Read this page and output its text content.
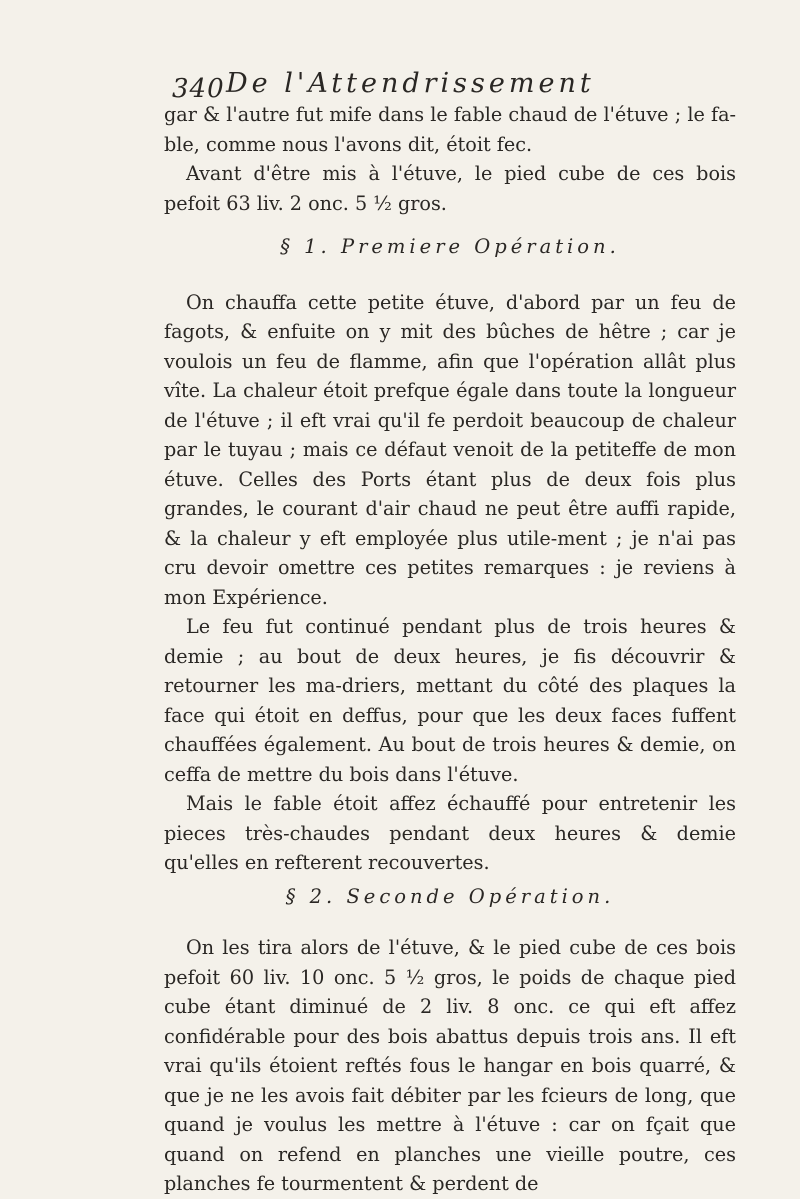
340 De l'Attendrissement

gar & l'autre fut mife dans le fable chaud de l'étuve ; le fa-ble, comme nous l'avons dit, étoit fec.

Avant d'être mis à l'étuve, le pied cube de ces bois pefoit 63 liv. 2 onc. 5 ½ gros.

§ 1. Premiere Opération.

On chauffa cette petite étuve, d'abord par un feu de fagots, & enfuite on y mit des bûches de hêtre ; car je voulois un feu de flamme, afin que l'opération allât plus vîte. La chaleur étoit prefque égale dans toute la longueur de l'étuve ; il eft vrai qu'il fe perdoit beaucoup de chaleur par le tuyau ; mais ce défaut venoit de la petiteffe de mon étuve. Celles des Ports étant plus de deux fois plus grandes, le courant d'air chaud ne peut être auffi rapide, & la chaleur y eft employée plus utile-ment ; je n'ai pas cru devoir omettre ces petites remarques : je reviens à mon Expérience.

Le feu fut continué pendant plus de trois heures & demie ; au bout de deux heures, je fis découvrir & retourner les ma-driers, mettant du côté des plaques la face qui étoit en deffus, pour que les deux faces fuffent chauffées également. Au bout de trois heures & demie, on ceffa de mettre du bois dans l'étuve.

Mais le fable étoit affez échauffé pour entretenir les pieces très-chaudes pendant deux heures & demie qu'elles en refterent recouvertes.

§ 2. Seconde Opération.

On les tira alors de l'étuve, & le pied cube de ces bois pefoit 60 liv. 10 onc. 5 ½ gros, le poids de chaque pied cube étant diminué de 2 liv. 8 onc. ce qui eft affez confidérable pour des bois abattus depuis trois ans. Il eft vrai qu'ils étoient reftés fous le hangar en bois quarré, & que je ne les avois fait débiter par les fcieurs de long, que quand je voulus les mettre à l'étuve : car on fçait que quand on refend en planches une vieille poutre, ces planches fe tourmentent & perdent de
